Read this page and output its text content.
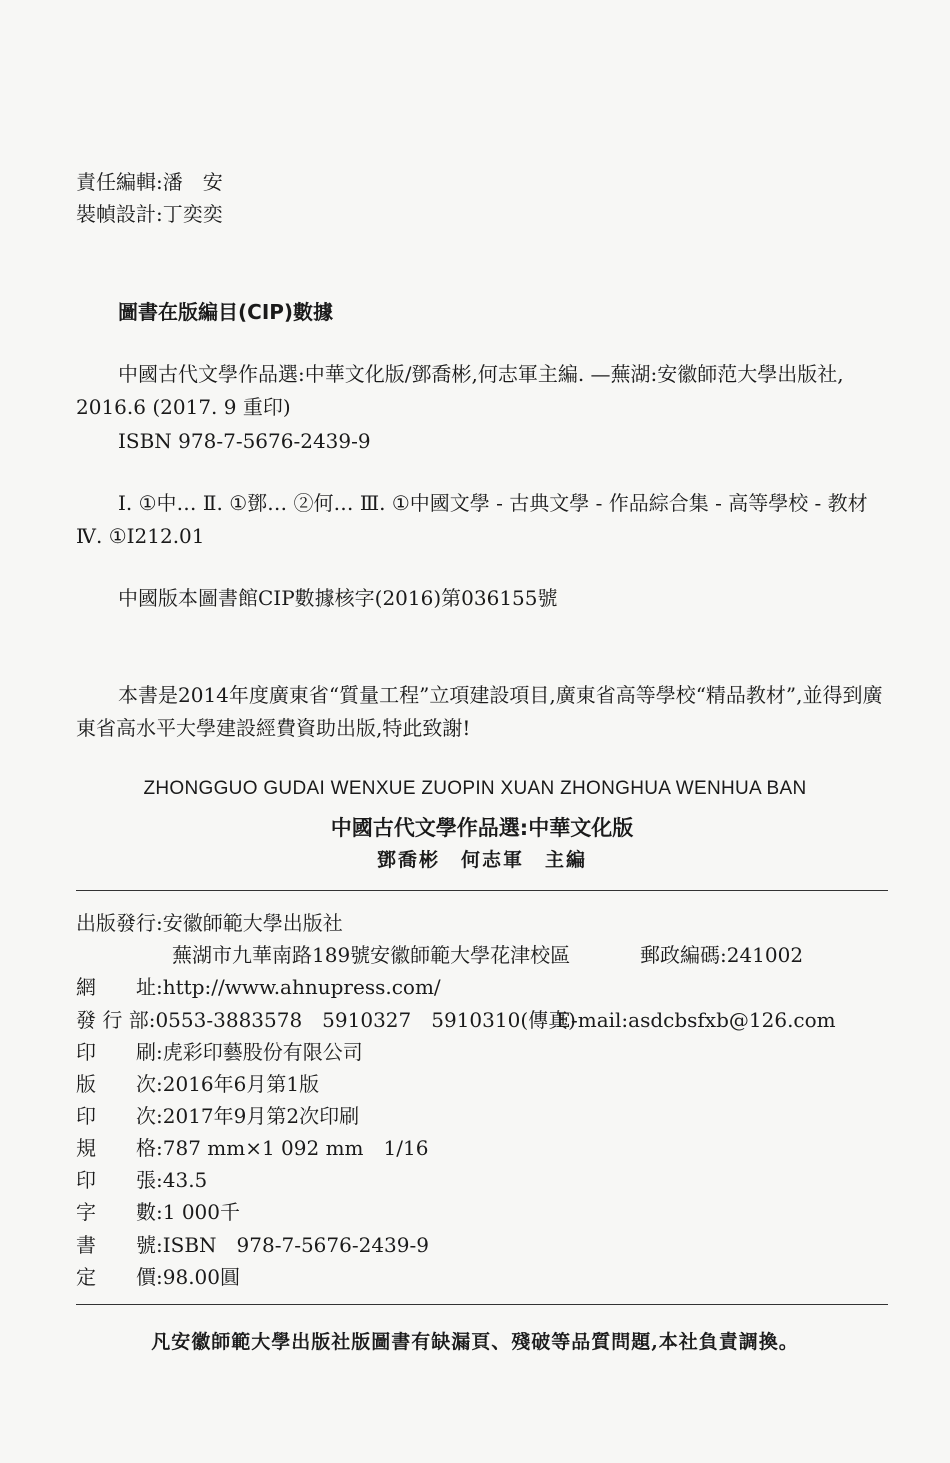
責任編輯:潘　安
裝幀設計:丁奕奕
圖書在版編目(CIP)數據
中國古代文學作品選:中華文化版/鄧喬彬,何志軍主編. —蕪湖:安徽師范大學出版社, 2016.6 (2017. 9 重印)
ISBN 978-7-5676-2439-9
Ⅰ. ①中… Ⅱ. ①鄧… ②何… Ⅲ. ①中國文學 - 古典文學 - 作品綜合集 - 高等學校 - 教材 Ⅳ. ①I212.01
中國版本圖書館CIP數據核字(2016)第036155號
本書是2014年度廣東省“質量工程”立項建設項目,廣東省高等學校“精品教材”,並得到廣東省高水平大學建設經費資助出版,特此致謝!
ZHONGGUO GUDAI WENXUE ZUOPIN XUAN ZHONGHUA WENHUA BAN
中國古代文學作品選:中華文化版
鄧喬彬　何志軍　主編
出版發行:安徽師範大學出版社
蕪湖市九華南路189號安徽師範大學花津校區	郵政編碼:241002
網　　址:http://www.ahnupress.com/
發 行 部:0553-3883578　5910327　5910310(傳真)
E-mail:asdcbsfxb@126.com
印　　刷:虎彩印藝股份有限公司
版　　次:2016年6月第1版
印　　次:2017年9月第2次印刷
規　　格:787 mm×1 092 mm　1/16
印　　張:43.5
字　　數:1 000千
書　　號:ISBN　978-7-5676-2439-9
定　　價:98.00圓
凡安徽師範大學出版社版圖書有缺漏頁、殘破等品質問題,本社負責調換。
